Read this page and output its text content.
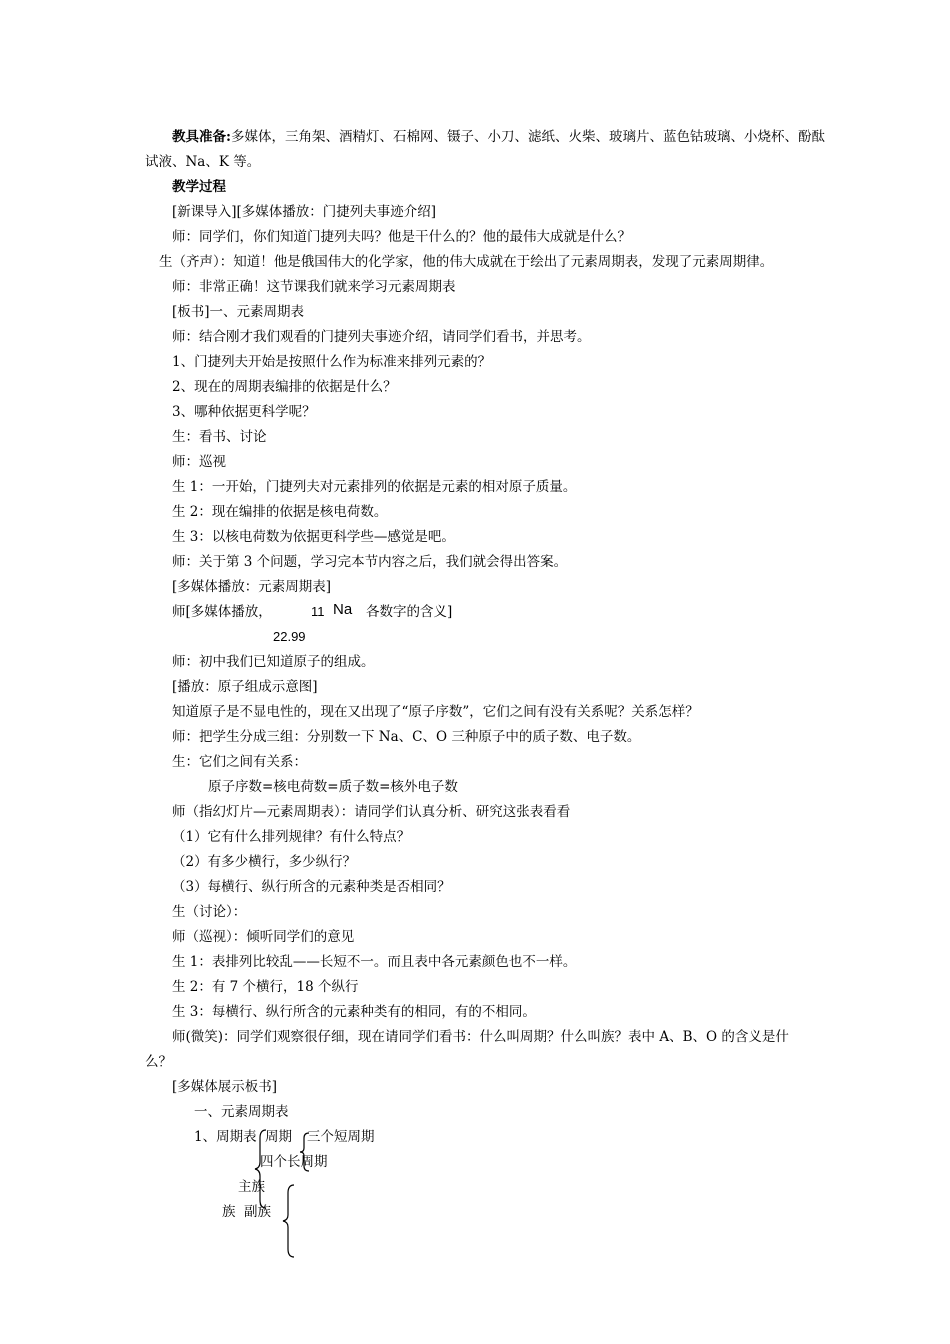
教具准备:多媒体，三角架、酒精灯、石棉网、镊子、小刀、滤纸、火柴、玻璃片、蓝色钴玻璃、小烧杯、酚酞
试液、Na、K 等。
教学过程
[新课导入][多媒体播放：门捷列夫事迹介绍]
师：同学们，你们知道门捷列夫吗？他是干什么的？他的最伟大成就是什么？
生（齐声）：知道！他是俄国伟大的化学家，他的伟大成就在于绘出了元素周期表，发现了元素周期律。
师：非常正确！这节课我们就来学习元素周期表
[板书]一、元素周期表
师：结合刚才我们观看的门捷列夫事迹介绍，请同学们看书，并思考。
1、门捷列夫开始是按照什么作为标准来排列元素的？
2、现在的周期表编排的依据是什么？
3、哪种依据更科学呢？
生：看书、讨论
师：巡视
生 1：一开始，门捷列夫对元素排列的依据是元素的相对原子质量。
生 2：现在编排的依据是核电荷数。
生 3：以核电荷数为依据更科学些—感觉是吧。
师：关于第 3 个问题，学习完本节内容之后，我们就会得出答案。
[多媒体播放：元素周期表]
师[多媒体播放，	11 Na 各数字的含义]
22.99
师：初中我们已知道原子的组成。
[播放：原子组成示意图]
知道原子是不显电性的，现在又出现了“原子序数”，它们之间有没有关系呢？关系怎样？
师：把学生分成三组：分别数一下 Na、C、O 三种原子中的质子数、电子数。
生：它们之间有关系：
原子序数=核电荷数=质子数=核外电子数
师（指幻灯片—元素周期表）：请同学们认真分析、研究这张表看看
（1）它有什么排列规律？有什么特点？
（2）有多少横行，多少纵行？
（3）每横行、纵行所含的元素种类是否相同？
生（讨论）：
师（巡视）：倾听同学们的意见
生 1：表排列比较乱——长短不一。而且表中各元素颜色也不一样。
生 2：有 7 个横行，18 个纵行
生 3：每横行、纵行所含的元素种类有的相同，有的不相同。
师(微笑)：同学们观察很仔细，现在请同学们看书：什么叫周期？什么叫族？表中 A、B、O 的含义是什
么？
[多媒体展示板书]
一、元素周期表
1、周期表 周期 三个短周期
四个长周期
主族
族 副族
